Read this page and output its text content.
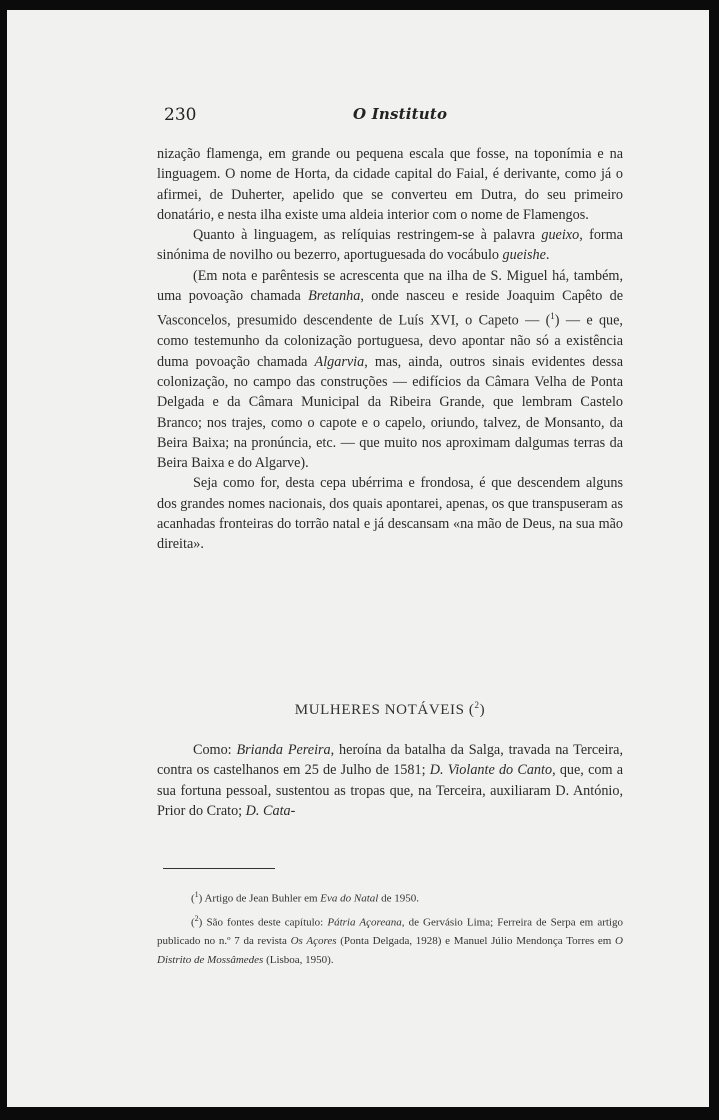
230	O Instituto

nização flamenga, em grande ou pequena escala que fosse, na toponímia e na linguagem. O nome de Horta, da cidade capital do Faial, é derivante, como já o afirmei, de Duherter, apelido que se converteu em Dutra, do seu primeiro donatário, e nesta ilha existe uma aldeia interior com o nome de Flamengos.

Quanto à linguagem, as relíquias restringem-se à palavra gueixo, forma sinónima de novilho ou bezerro, aportuguesada do vocábulo gueishe.

(Em nota e parêntesis se acrescenta que na ilha de S. Miguel há, também, uma povoação chamada Bretanha, onde nasceu e reside Joaquim Capêto de Vasconcelos, presumido descendente de Luís XVI, o Capeto — ($^1$) — e que, como testemunho da colonização portuguesa, devo apontar não só a existência duma povoação chamada Algarvia, mas, ainda, outros sinais evidentes dessa colonização, no campo das construções — edifícios da Câmara Velha de Ponta Delgada e da Câmara Municipal da Ribeira Grande, que lembram Castelo Branco; nos trajes, como o capote e o capelo, oriundo, talvez, de Monsanto, da Beira Baixa; na pronúncia, etc. — que muito nos aproximam dalgumas terras da Beira Baixa e do Algarve).

Seja como for, desta cepa ubérrima e frondosa, é que descendem alguns dos grandes nomes nacionais, dos quais apontarei, apenas, os que transpuseram as acanhadas fronteiras do torrão natal e já descansam «na mão de Deus, na sua mão direita».

MULHERES NOTÁVEIS ($^2$)

Como: Brianda Pereira, heroína da batalha da Salga, travada na Terceira, contra os castelhanos em 25 de Julho de 1581; D. Violante do Canto, que, com a sua fortuna pessoal, sustentou as tropas que, na Terceira, auxiliaram D. António, Prior do Crato; D. Cata-

($^1$) Artigo de Jean Buhler em Eva do Natal de 1950.

($^2$) São fontes deste capítulo: Pátria Açoreana, de Gervásio Lima; Ferreira de Serpa em artigo publicado no n.º 7 da revista Os Açores (Ponta Delgada, 1928) e Manuel Júlio Mendonça Torres em O Distrito de Mossâmedes (Lisboa, 1950).
